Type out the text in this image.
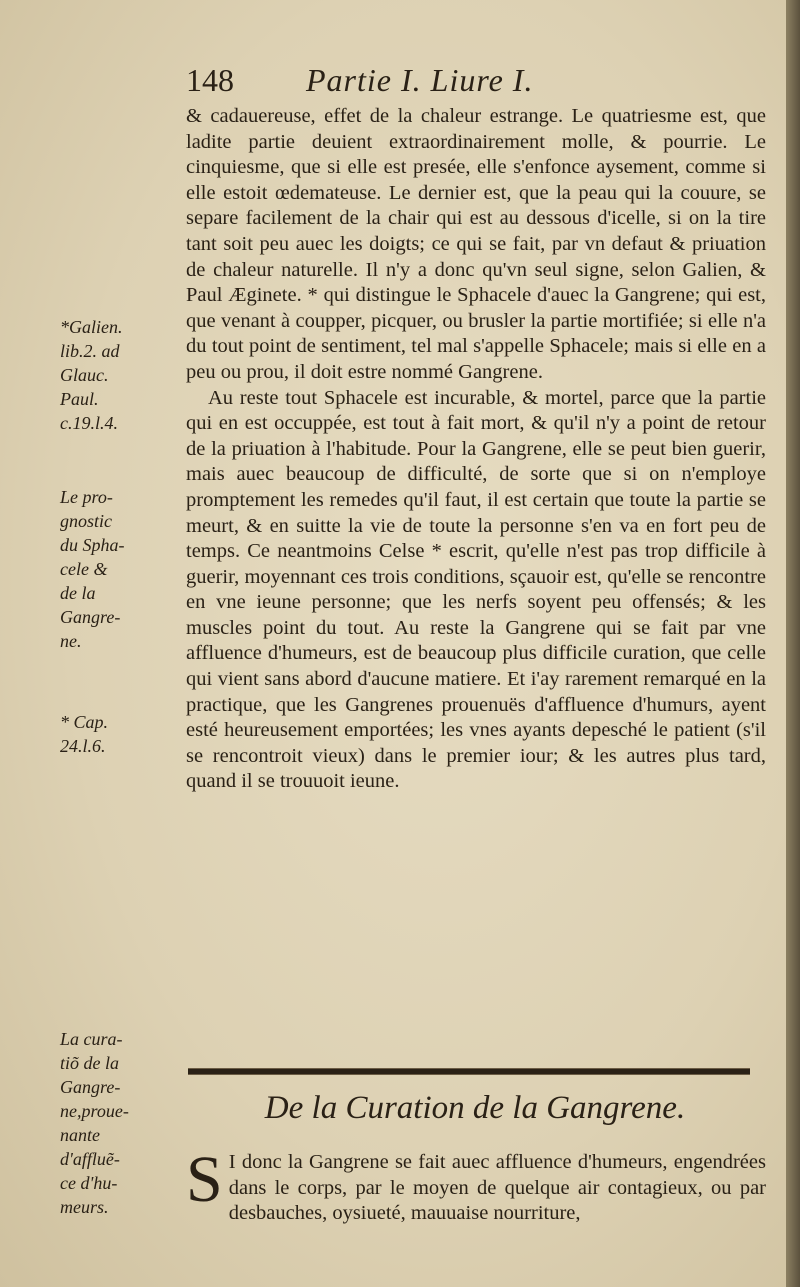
148 Partie I. Liure I.

& cadauereuse, effet de la chaleur estrange. Le quatriesme est, que ladite partie deuient extraordinairement molle, & pourrie. Le cinquiesme, que si elle est presée, elle s'enfonce aysement, comme si elle estoit œdemateuse. Le dernier est, que la peau qui la couure, se separe facilement de la chair qui est au dessous d'icelle, si on la tire tant soit peu auec les doigts; ce qui se fait, par vn defaut & priuation de chaleur naturelle. Il n'y a donc qu'vn seul signe, selon Galien, & Paul Æginete. * qui distingue le Sphacele d'auec la Gangrene; qui est, que venant à coupper, picquer, ou brusler la partie mortifiée; si elle n'a du tout point de sentiment, tel mal s'appelle Sphacele; mais si elle en a peu ou prou, il doit estre nommé Gangrene.

Au reste tout Sphacele est incurable, & mortel, parce que la partie qui en est occuppée, est tout à fait mort, & qu'il n'y a point de retour de la priuation à l'habitude. Pour la Gangrene, elle se peut bien guerir, mais auec beaucoup de difficulté, de sorte que si on n'employe promptement les remedes qu'il faut, il est certain que toute la partie se meurt, & en suitte la vie de toute la personne s'en va en fort peu de temps. Ce neantmoins Celse * escrit, qu'elle n'est pas trop difficile à guerir, moyennant ces trois conditions, sçauoir est, qu'elle se rencontre en vne ieune personne; que les nerfs soyent peu offensés; & les muscles point du tout. Au reste la Gangrene qui se fait par vne affluence d'humeurs, est de beaucoup plus difficile curation, que celle qui vient sans abord d'aucune matiere. Et i'ay rarement remarqué en la practique, que les Gangrenes prouenuës d'affluence d'humurs, ayent esté heureusement emportées; les vnes ayants depesché le patient (s'il se rencontroit vieux) dans le premier iour; & les autres plus tard, quand il se trouuoit ieune.

*Galien.
lib.2. ad
Glauc.
Paul.
c.19.l.4.
Le pro-
gnostic
du Spha-
cele &
de la
Gangre-
ne.
* Cap.
24.l.6.
La cura-
tiõ de la
Gangre-
ne,proue-
nante
d'affluẽ-
ce d'hu-
meurs.
De la Curation de la Gangrene.
S I donc la Gangrene se fait auec affluence d'humeurs, engendrées dans le corps, par le moyen de quelque air contagieux, ou par desbauches, oysiueté, mauuaise nourriture,
